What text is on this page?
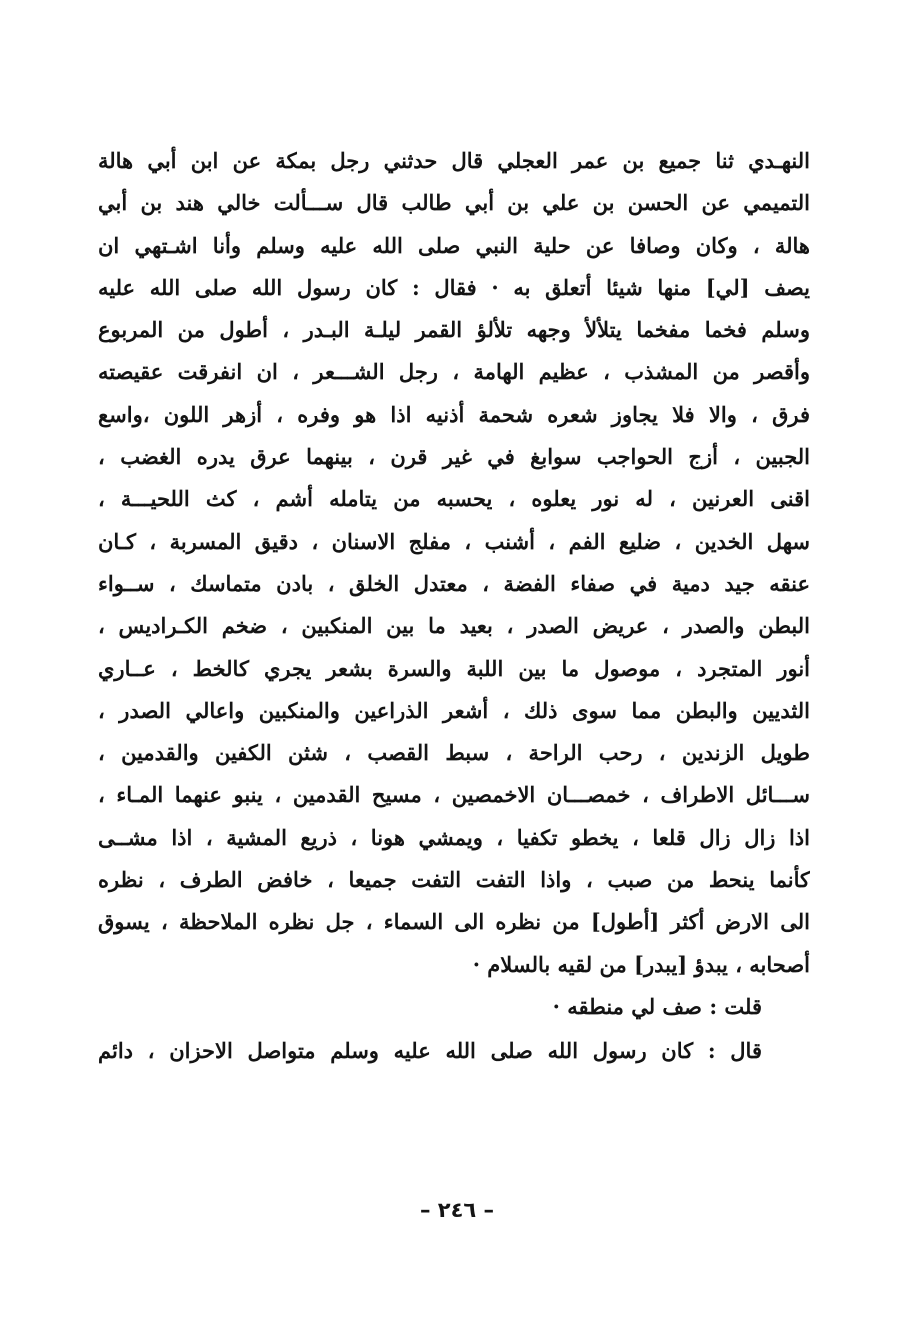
النهـدي ثنا جميع بن عمر العجلي قال حدثني رجل بمكة عن ابن أبي هالة
التميمي عن الحسن بن علي بن أبي طالب قال ســـألت خالي هند بن أبي
هالة ، وكان وصافا عن حلية النبي صلى الله عليه وسلم وأنا اشـتهي ان
يصف [لي] منها شيئا أتعلق به · فقال : كان رسول الله صلى الله عليه
وسلم فخما مفخما يتلألأ وجهه تلألؤ القمر ليلـة البـدر ، أطول من المربوع
وأقصر من المشذب ، عظيم الهامة ، رجل الشـــعر ، ان انفرقت عقيصته
فرق ، والا فلا يجاوز شعره شحمة أذنيه اذا هو وفره ، أزهر اللون ،واسع
الجبين ، أزج الحواجب سوابغ في غير قرن ، بينهما عرق يدره الغضب ،
اقنى العرنين ، له نور يعلوه ، يحسبه من يتامله أشم ، كث اللحيـــة ،
سهل الخدين ، ضليع الفم ، أشنب ، مفلج الاسنان ، دقيق المسربة ، كـان
عنقه جيد دمية في صفاء الفضة ، معتدل الخلق ، بادن متماسك ، ســواء
البطن والصدر ، عريض الصدر ، بعيد ما بين المنكبين ، ضخم الكـراديس ،
أنور المتجرد ، موصول ما بين اللبة والسرة بشعر يجري كالخط ، عــاري
الثديين والبطن مما سوى ذلك ، أشعر الذراعين والمنكبين واعالي الصدر ،
طويل الزندين ، رحب الراحة ، سبط القصب ، شثن الكفين والقدمين ،
ســـائل الاطراف ، خمصـــان الاخمصين ، مسيح القدمين ، ينبو عنهما المـاء ،
اذا زال زال قلعا ، يخطو تكفيا ، ويمشي هونا ، ذريع المشية ، اذا مشــى
كأنما ينحط من صبب ، واذا التفت التفت جميعا ، خافض الطرف ، نظره
الى الارض أكثر [أطول] من نظره الى السماء ، جل نظره الملاحظة ، يسوق
أصحابه ، يبدؤ [يبدر] من لقيه بالسلام ·
قلت : صف لي منطقه ·
قال : كان رسول الله صلى الله عليه وسلم متواصل الاحزان ، دائم
– ٢٤٦ –
